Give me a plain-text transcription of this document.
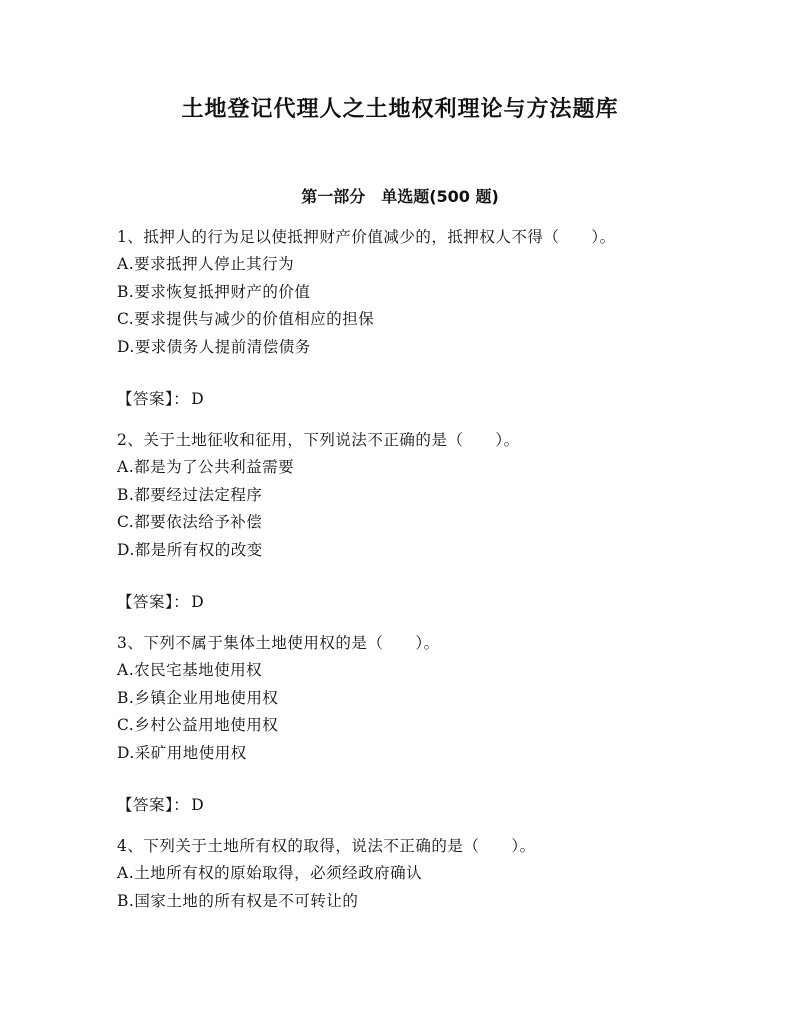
土地登记代理人之土地权利理论与方法题库
第一部分　单选题(500 题)

1、抵押人的行为足以使抵押财产价值减少的，抵押权人不得（　　）。

A.要求抵押人停止其行为

B.要求恢复抵押财产的价值

C.要求提供与减少的价值相应的担保

D.要求债务人提前清偿债务

【答案】： D

2、关于土地征收和征用，下列说法不正确的是（　　）。

A.都是为了公共利益需要

B.都要经过法定程序

C.都要依法给予补偿

D.都是所有权的改变

【答案】： D

3、下列不属于集体土地使用权的是（　　）。

A.农民宅基地使用权

B.乡镇企业用地使用权

C.乡村公益用地使用权

D.采矿用地使用权

【答案】： D

4、下列关于土地所有权的取得，说法不正确的是（　　）。

A.土地所有权的原始取得，必须经政府确认

B.国家土地的所有权是不可转让的
